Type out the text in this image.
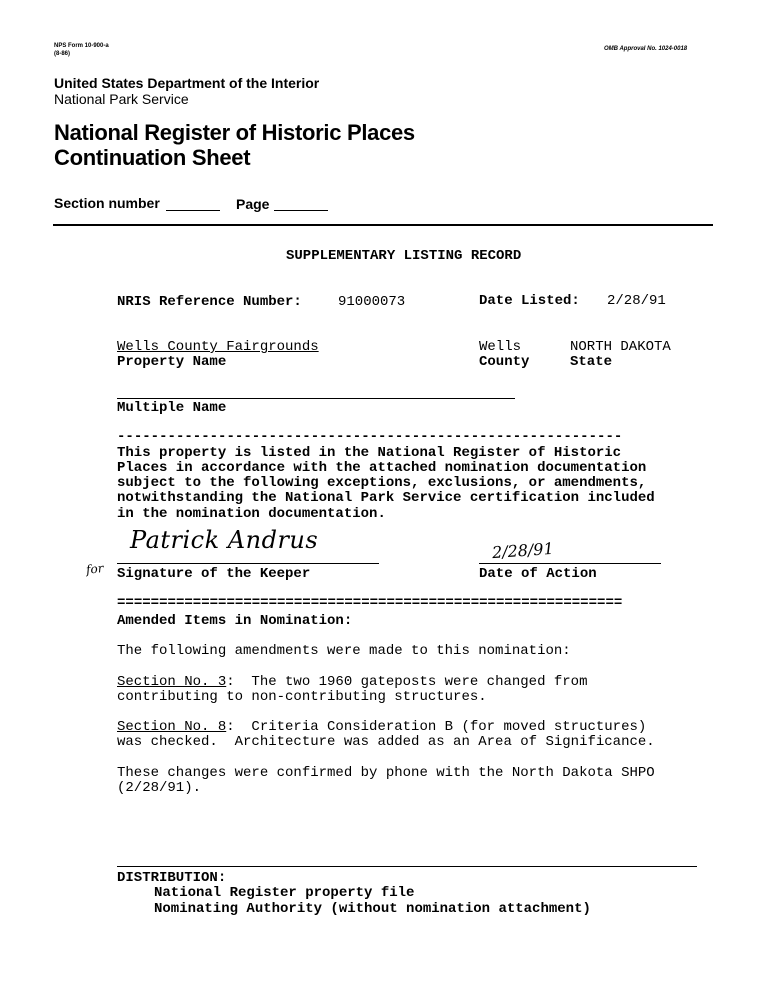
NPS Form 10-900-a
(8-86)
OMB Approval No. 1024-0018
United States Department of the Interior
National Park Service
National Register of Historic Places
Continuation Sheet
Section number	Page
SUPPLEMENTARY LISTING RECORD
NRIS Reference Number:	91000073	Date Listed: 2/28/91
Wells County Fairgrounds
Property Name
Wells
County
NORTH DAKOTA
State
Multiple Name
------------------------------------------------------------
This property is listed in the National Register of Historic
Places in accordance with the attached nomination documentation
subject to the following exceptions, exclusions, or amendments,
notwithstanding the National Park Service certification included
in the nomination documentation.
for
Patrick Andrus
Signature of the Keeper
2/28/91
Date of Action
============================================================
Amended Items in Nomination:
The following amendments were made to this nomination:
Section No. 3:  The two 1960 gateposts were changed from
contributing to non-contributing structures.
Section No. 8:  Criteria Consideration B (for moved structures)
was checked.  Architecture was added as an Area of Significance.
These changes were confirmed by phone with the North Dakota SHPO
(2/28/91).
DISTRIBUTION:
National Register property file
Nominating Authority (without nomination attachment)
